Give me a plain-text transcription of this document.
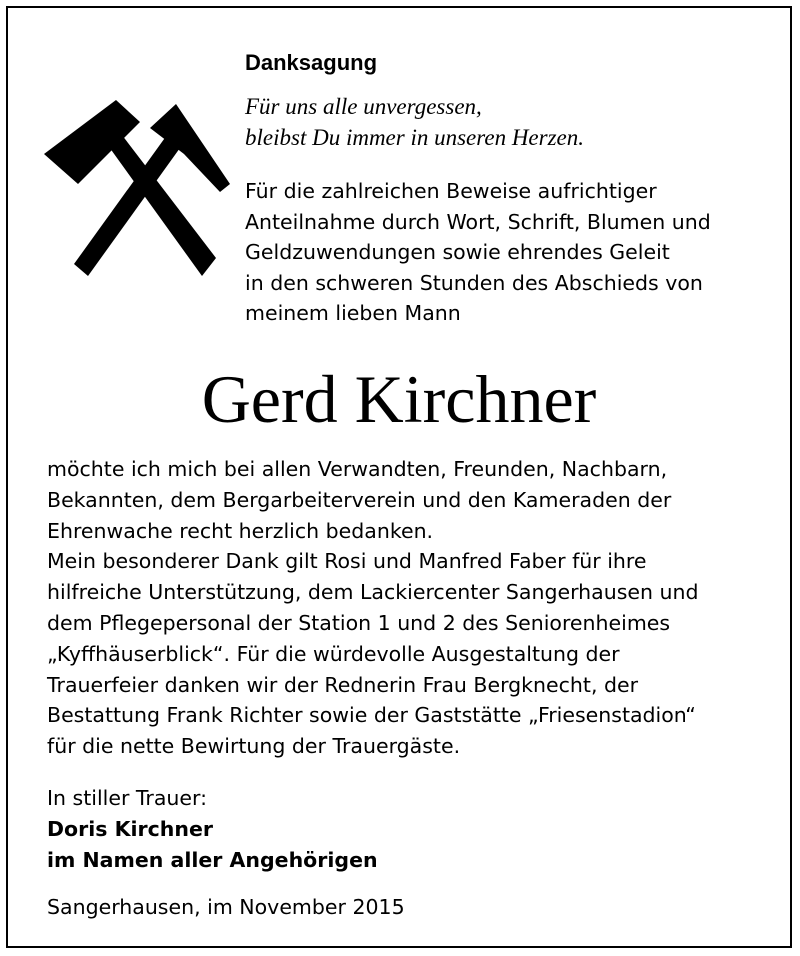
Danksagung
Für uns alle unvergessen,
bleibst Du immer in unseren Herzen.
Für die zahlreichen Beweise aufrichtiger
Anteilnahme durch Wort, Schrift, Blumen und
Geldzuwendungen sowie ehrendes Geleit
in den schweren Stunden des Abschieds von
meinem lieben Mann
Gerd Kirchner
möchte ich mich bei allen Verwandten, Freunden, Nachbarn,
Bekannten, dem Bergarbeiterverein und den Kameraden der
Ehrenwache recht herzlich bedanken.
Mein besonderer Dank gilt Rosi und Manfred Faber für ihre
hilfreiche Unterstützung, dem Lackiercenter Sangerhausen und
dem Pflegepersonal der Station 1 und 2 des Seniorenheimes
„Kyffhäuserblick“. Für die würdevolle Ausgestaltung der
Trauerfeier danken wir der Rednerin Frau Bergknecht, der
Bestattung Frank Richter sowie der Gaststätte „Friesenstadion“
für die nette Bewirtung der Trauergäste.
In stiller Trauer:
Doris Kirchner
im Namen aller Angehörigen
Sangerhausen, im November 2015
